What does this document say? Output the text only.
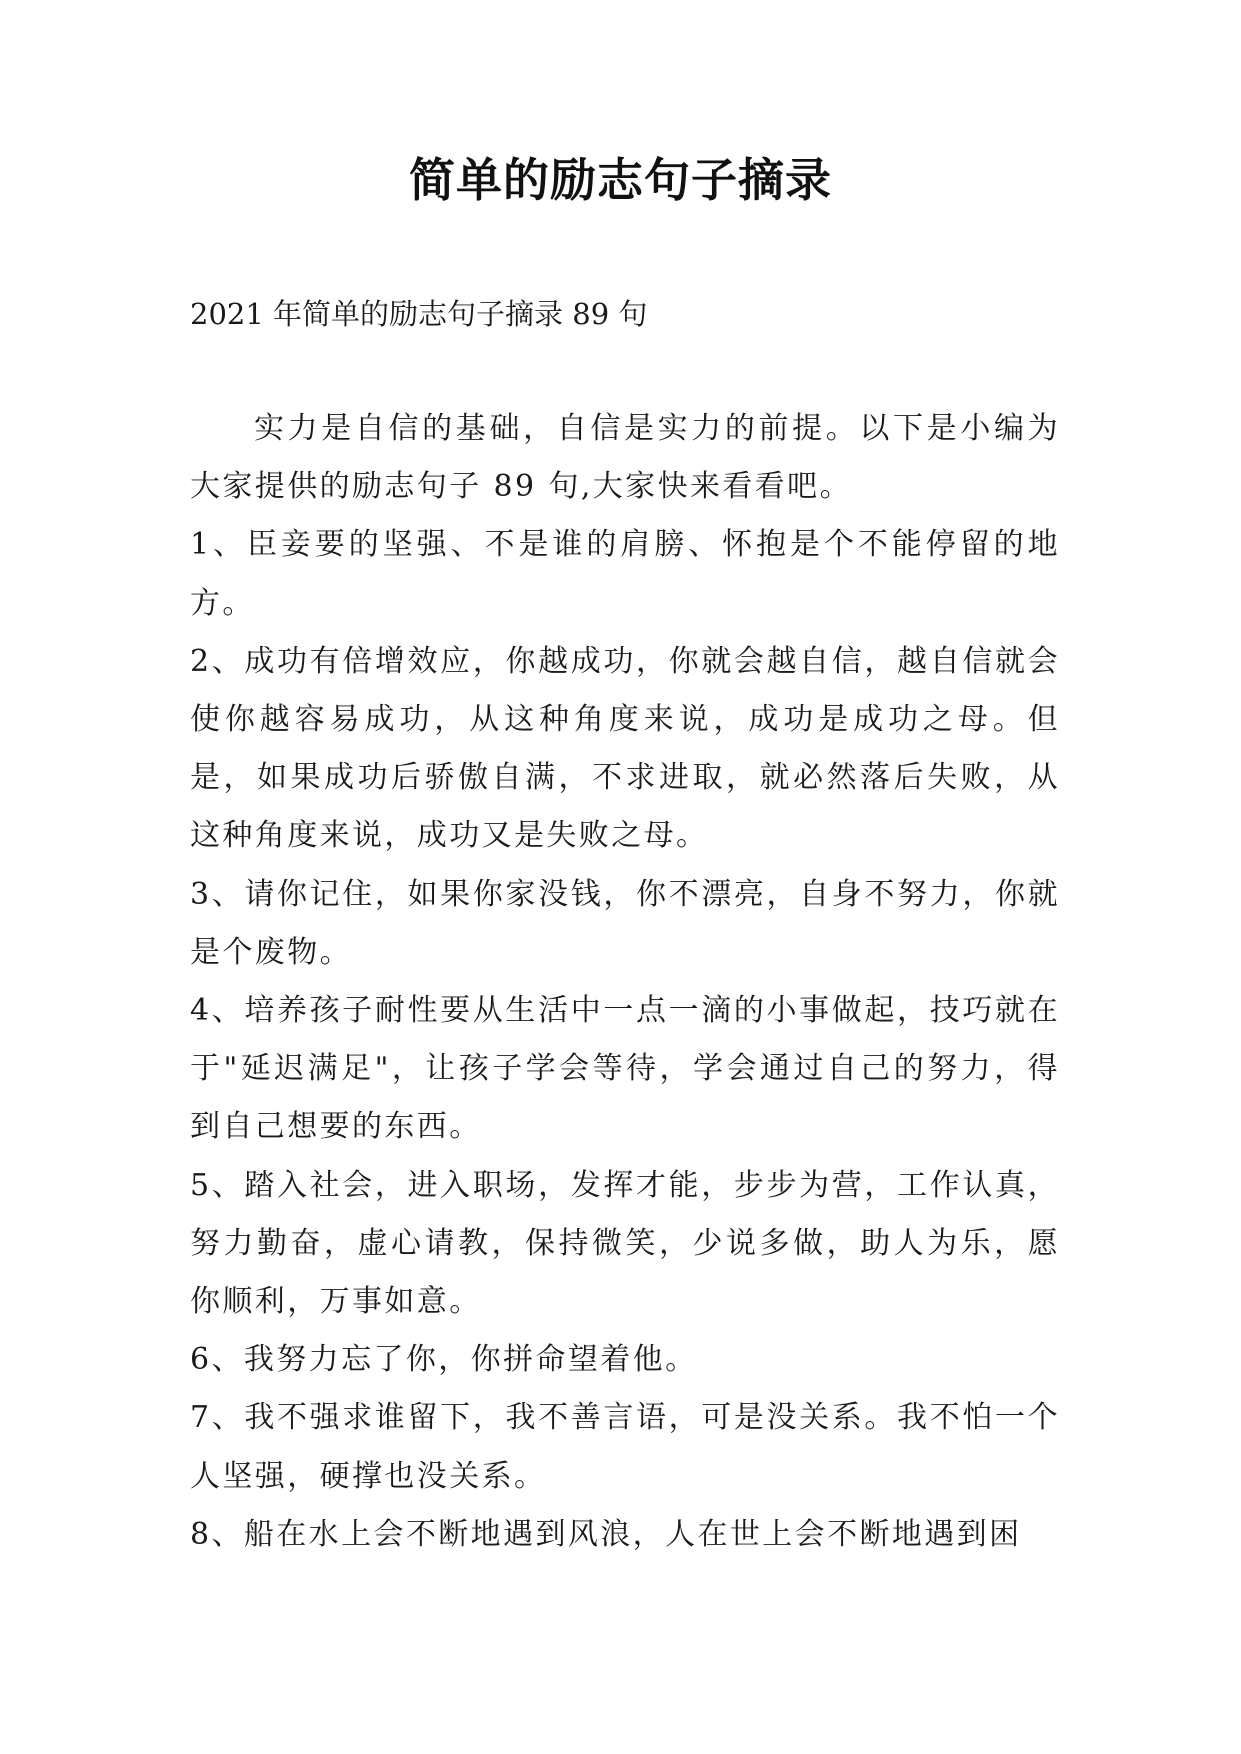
简单的励志句子摘录
2021 年简单的励志句子摘录 89 句

实力是自信的基础，自信是实力的前提。以下是小编为大家提供的励志句子 89 句,大家快来看看吧。

1、臣妾要的坚强、不是谁的肩膀、怀抱是个不能停留的地方。

2、成功有倍增效应，你越成功，你就会越自信，越自信就会使你越容易成功，从这种角度来说，成功是成功之母。但是，如果成功后骄傲自满，不求进取，就必然落后失败，从这种角度来说，成功又是失败之母。

3、请你记住，如果你家没钱，你不漂亮，自身不努力，你就是个废物。

4、培养孩子耐性要从生活中一点一滴的小事做起，技巧就在于"延迟满足"，让孩子学会等待，学会通过自己的努力，得到自己想要的东西。

5、踏入社会，进入职场，发挥才能，步步为营，工作认真，努力勤奋，虚心请教，保持微笑，少说多做，助人为乐，愿你顺利，万事如意。

6、我努力忘了你，你拼命望着他。

7、我不强求谁留下，我不善言语，可是没关系。我不怕一个人坚强，硬撑也没关系。

8、船在水上会不断地遇到风浪，人在世上会不断地遇到困
